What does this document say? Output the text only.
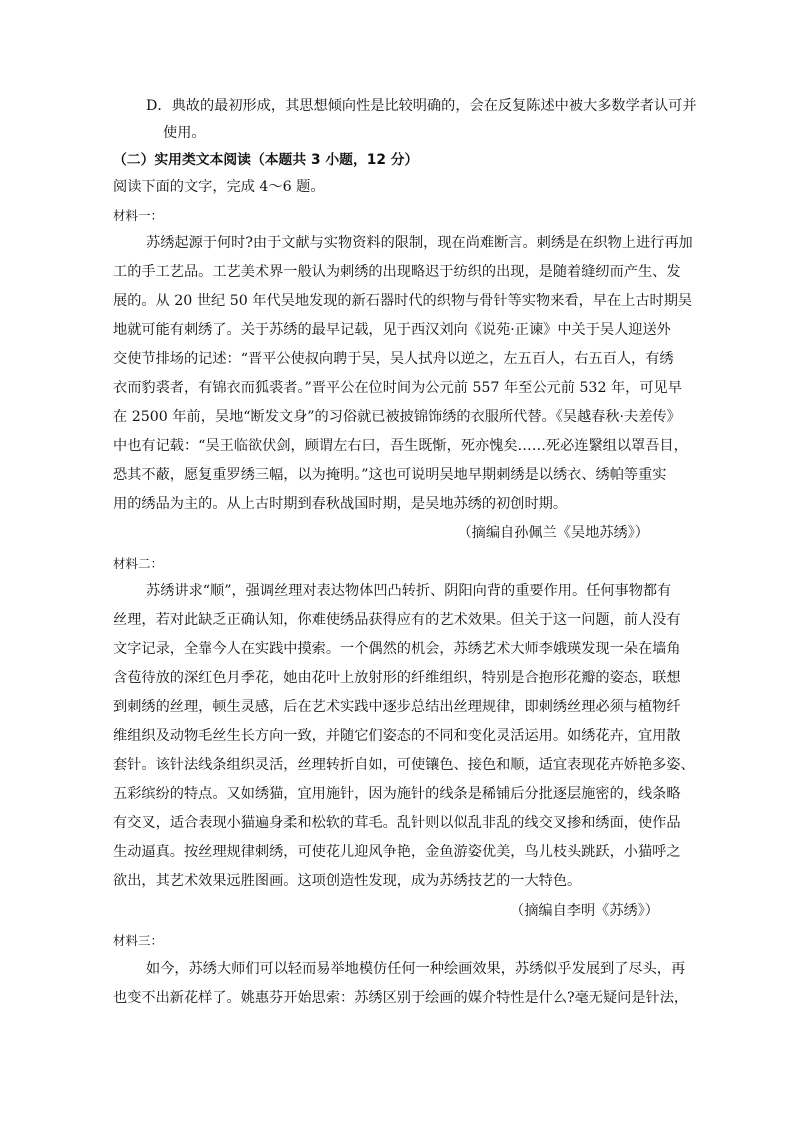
D．典故的最初形成，其思想倾向性是比较明确的，会在反复陈述中被大多数学者认可并
使用。
（二）实用类文本阅读（本题共 3 小题，12 分）
阅读下面的文字，完成 4～6 题。
材料一：
苏绣起源于何时?由于文献与实物资料的限制，现在尚难断言。刺绣是在织物上进行再加
工的手工艺品。工艺美术界一般认为刺绣的出现略迟于纺织的出现，是随着缝纫而产生、发
展的。从 20 世纪 50 年代吴地发现的新石器时代的织物与骨针等实物来看，早在上古时期吴
地就可能有刺绣了。关于苏绣的最早记载，见于西汉刘向《说苑·正谏》中关于吴人迎送外
交使节排场的记述：“晋平公使叔向聘于吴，吴人拭舟以逆之，左五百人，右五百人，有绣
衣而豹裘者，有锦衣而狐裘者。”晋平公在位时间为公元前 557 年至公元前 532 年，可见早
在 2500 年前，吴地“断发文身”的习俗就已被披锦饰绣的衣服所代替。《吴越春秋·夫差传》
中也有记载：“吴王临欲伏剑，顾谓左右曰，吾生既惭，死亦愧矣……死必连繄组以罩吾目，
恐其不蔽，愿复重罗绣三幅，以为掩明。”这也可说明吴地早期刺绣是以绣衣、绣帕等重实
用的绣品为主的。从上古时期到春秋战国时期，是吴地苏绣的初创时期。
（摘编自孙佩兰《吴地苏绣》）
材料二：
苏绣讲求“顺”，强调丝理对表达物体凹凸转折、阴阳向背的重要作用。任何事物都有
丝理，若对此缺乏正确认知，你难使绣品获得应有的艺术效果。但关于这一问题，前人没有
文字记录，全靠今人在实践中摸索。一个偶然的机会，苏绣艺术大师李娥瑛发现一朵在墙角
含苞待放的深红色月季花，她由花叶上放射形的纤维组织，特别是合抱形花瓣的姿态，联想
到刺绣的丝理，顿生灵感，后在艺术实践中逐步总结出丝理规律，即刺绣丝理必须与植物纤
维组织及动物毛丝生长方向一致，并随它们姿态的不同和变化灵活运用。如绣花卉，宜用散
套针。该针法线条组织灵活，丝理转折自如，可使镶色、接色和顺，适宜表现花卉娇艳多姿、
五彩缤纷的特点。又如绣猫，宜用施针，因为施针的线条是稀铺后分批逐层施密的，线条略
有交叉，适合表现小猫遍身柔和松软的茸毛。乱针则以似乱非乱的线交叉掺和绣面，使作品
生动逼真。按丝理规律刺绣，可使花儿迎风争艳，金鱼游姿优美，鸟儿枝头跳跃，小猫呼之
欲出，其艺术效果远胜图画。这项创造性发现，成为苏绣技艺的一大特色。
（摘编自李明《苏绣》）
材料三：
如今，苏绣大师们可以轻而易举地模仿任何一种绘画效果，苏绣似乎发展到了尽头，再
也变不出新花样了。姚惠芬开始思索：苏绣区别于绘画的媒介特性是什么?毫无疑问是针法，
